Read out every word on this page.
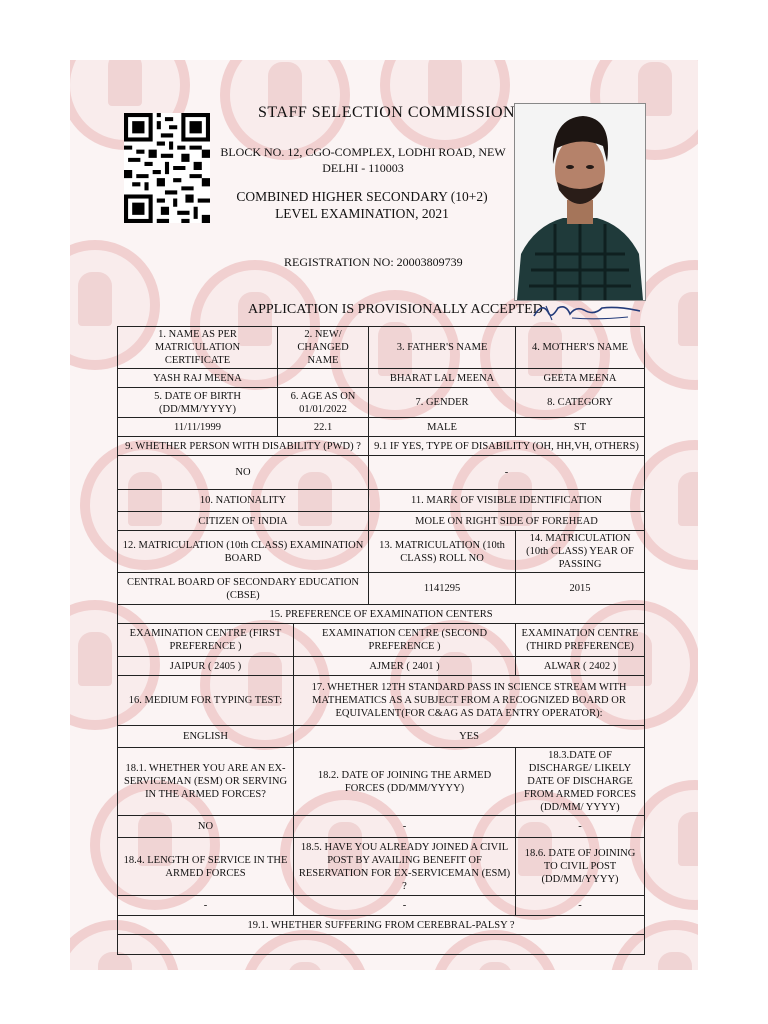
STAFF SELECTION COMMISSION
BLOCK NO. 12, CGO-COMPLEX, LODHI ROAD, NEW DELHI - 110003
COMBINED HIGHER SECONDARY (10+2) LEVEL EXAMINATION, 2021
REGISTRATION NO: 20003809739
APPLICATION IS PROVISIONALLY ACCEPTED
1. NAME AS PER MATRICULATION CERTIFICATE	2. NEW/ CHANGED NAME		3. FATHER'S NAME	4. MOTHER'S NAME
YASH RAJ MEENA			BHARAT LAL MEENA	GEETA MEENA
5. DATE OF BIRTH (DD/MM/YYYY)	6. AGE AS ON 01/01/2022		7. GENDER	8. CATEGORY
11/11/1999	22.1		MALE	ST
9. WHETHER PERSON WITH DISABILITY (PWD) ?			9.1 IF YES, TYPE OF DISABILITY (OH, HH,VH, OTHERS)	
NO			-	
10. NATIONALITY			11. MARK OF VISIBLE IDENTIFICATION	
CITIZEN OF INDIA			MOLE ON RIGHT SIDE OF FOREHEAD	
12. MATRICULATION (10th CLASS) EXAMINATION BOARD			13. MATRICULATION (10th CLASS) ROLL NO	14. MATRICULATION (10th CLASS) YEAR OF PASSING
CENTRAL BOARD OF SECONDARY EDUCATION (CBSE)			1141295	2015
15. PREFERENCE OF EXAMINATION CENTERS				
EXAMINATION CENTRE (FIRST PREFERENCE )		EXAMINATION CENTRE (SECOND PREFERENCE )		EXAMINATION CENTRE (THIRD PREFERENCE)
JAIPUR ( 2405 )		AJMER ( 2401 )		ALWAR ( 2402 )
16. MEDIUM FOR TYPING TEST:		17. WHETHER 12TH STANDARD PASS IN SCIENCE STREAM WITH MATHEMATICS AS A SUBJECT FROM A RECOGNIZED BOARD OR EQUIVALENT(FOR C&AG AS DATA ENTRY OPERATOR):		
ENGLISH		YES		
18.1. WHETHER YOU ARE AN EX-SERVICEMAN (ESM) OR SERVING IN THE ARMED FORCES?		18.2. DATE OF JOINING THE ARMED FORCES (DD/MM/YYYY)		18.3.DATE OF DISCHARGE/ LIKELY DATE OF DISCHARGE FROM ARMED FORCES (DD/MM/ YYYY)
NO		-		-
18.4. LENGTH OF SERVICE IN THE ARMED FORCES		18.5. HAVE YOU ALREADY JOINED A CIVIL POST BY AVAILING BENEFIT OF RESERVATION FOR EX-SERVICEMAN (ESM) ?		18.6. DATE OF JOINING TO CIVIL POST (DD/MM/YYYY)
-		-		-
19.1. WHETHER SUFFERING FROM CEREBRAL-PALSY ?				
